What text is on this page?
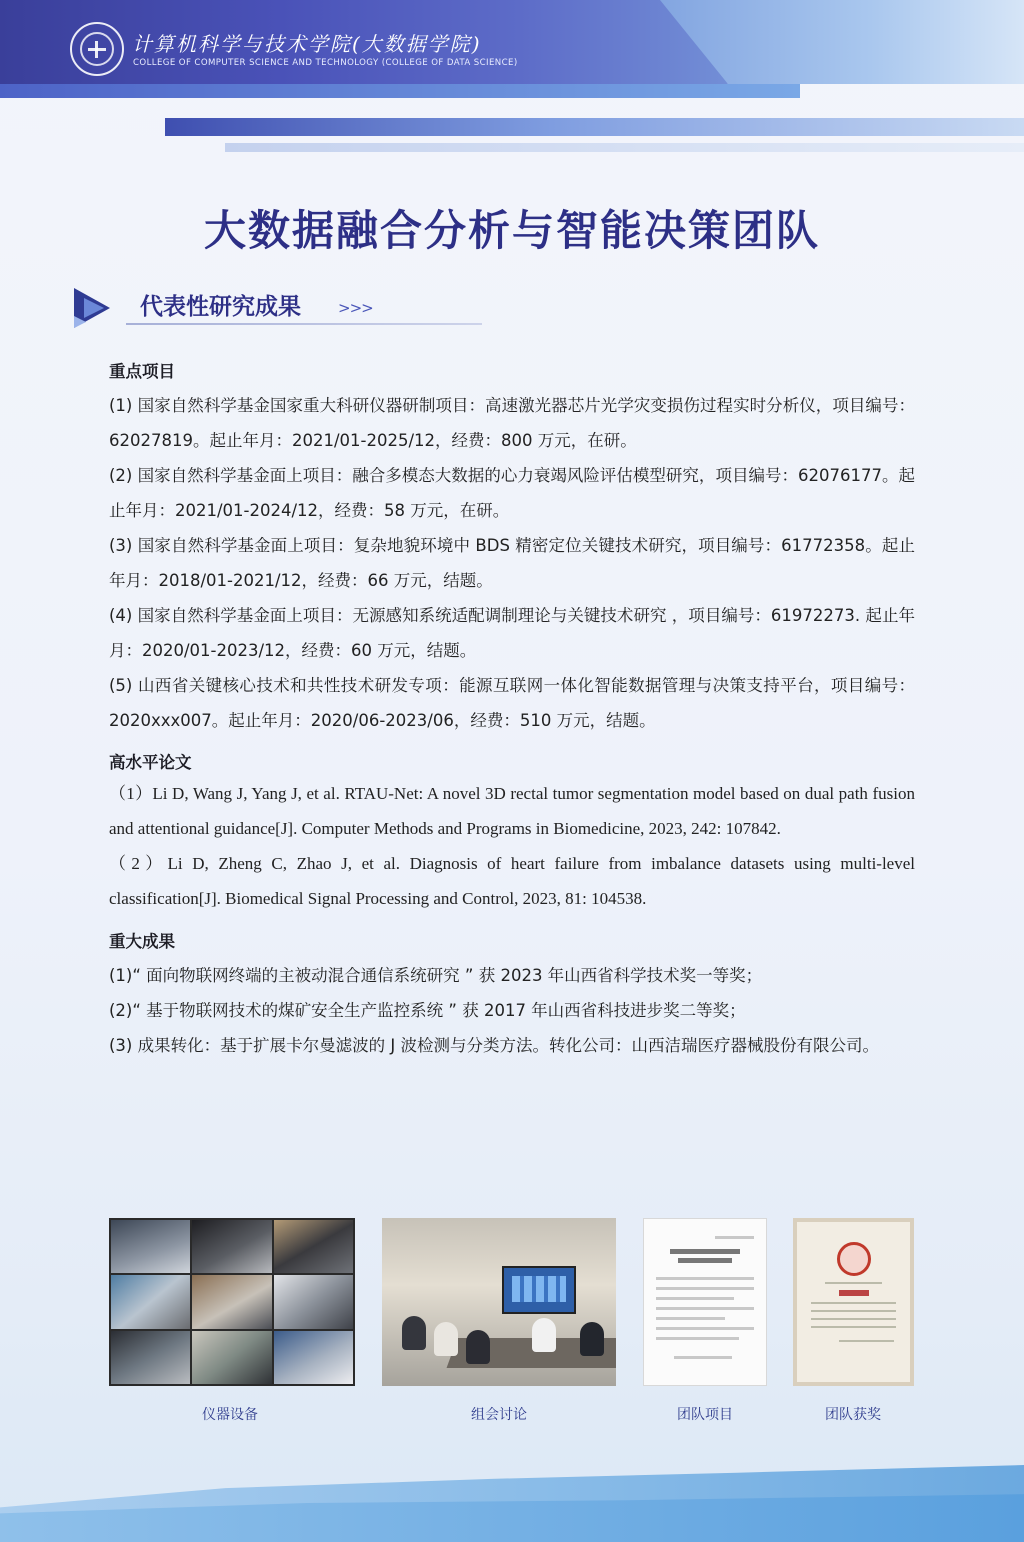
计算机科学与技术学院(大数据学院)
COLLEGE OF COMPUTER SCIENCE AND TECHNOLOGY (COLLEGE OF DATA SCIENCE)
大数据融合分析与智能决策团队
代表性研究成果 >>>

重点项目

(1) 国家自然科学基金国家重大科研仪器研制项目：高速激光器芯片光学灾变损伤过程实时分析仪，项目编号：62027819。起止年月：2021/01-2025/12，经费：800 万元，在研。

(2) 国家自然科学基金面上项目：融合多模态大数据的心力衰竭风险评估模型研究，项目编号：62076177。起止年月：2021/01-2024/12，经费：58 万元，在研。

(3) 国家自然科学基金面上项目：复杂地貌环境中 BDS 精密定位关键技术研究，项目编号：61772358。起止年月：2018/01-2021/12，经费：66 万元，结题。

(4) 国家自然科学基金面上项目：无源感知系统适配调制理论与关键技术研究 ，项目编号：61972273. 起止年月：2020/01-2023/12，经费：60 万元，结题。

(5) 山西省关键核心技术和共性技术研发专项：能源互联网一体化智能数据管理与决策支持平台，项目编号：2020xxx007。起止年月：2020/06-2023/06，经费：510 万元，结题。

高水平论文

（1）Li D, Wang J, Yang J, et al. RTAU-Net: A novel 3D rectal tumor segmentation model based on dual path fusion and attentional guidance[J]. Computer Methods and Programs in Biomedicine, 2023, 242: 107842.

（2）Li D, Zheng C, Zhao J, et al. Diagnosis of heart failure from imbalance datasets using multi-level classification[J]. Biomedical Signal Processing and Control, 2023, 81: 104538.

重大成果

(1)“ 面向物联网终端的主被动混合通信系统研究 ” 获 2023 年山西省科学技术奖一等奖；

(2)“ 基于物联网技术的煤矿安全生产监控系统 ” 获 2017 年山西省科技进步奖二等奖；

(3) 成果转化：基于扩展卡尔曼滤波的 J 波检测与分类方法。转化公司：山西洁瑞医疗器械股份有限公司。

仪器设备	组会讨论	团队项目	团队获奖
